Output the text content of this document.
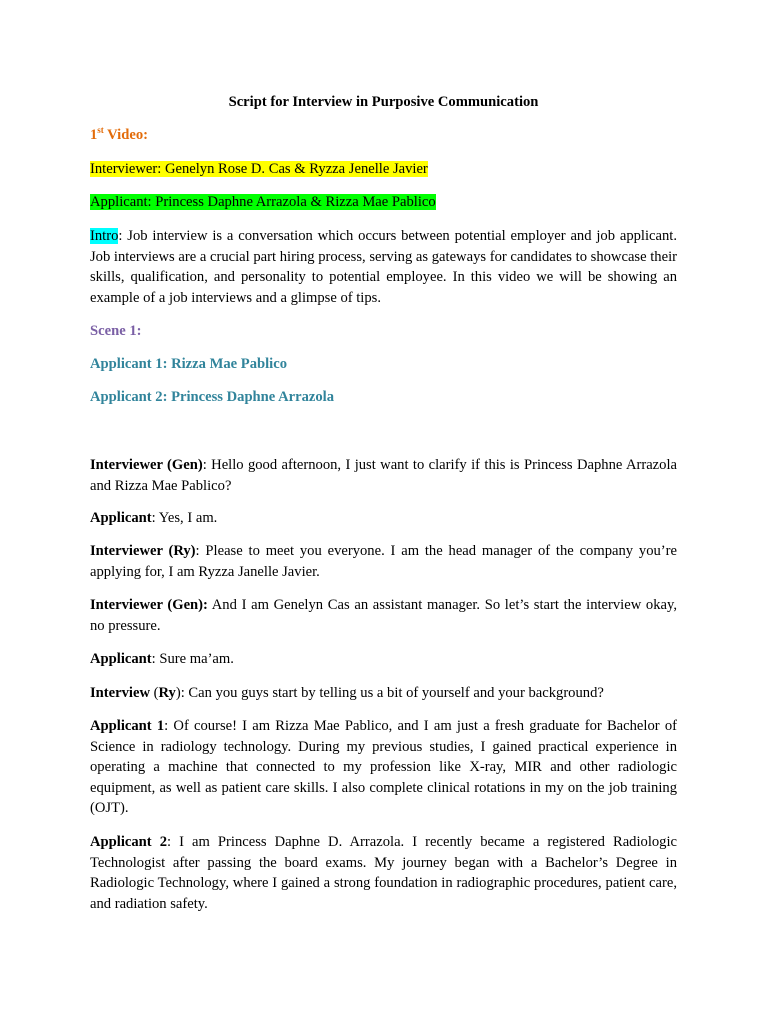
Script for Interview in Purposive Communication

1st Video:

Interviewer: Genelyn Rose D. Cas & Ryzza Jenelle Javier

Applicant: Princess Daphne Arrazola & Rizza Mae Pablico

Intro: Job interview is a conversation which occurs between potential employer and job applicant. Job interviews are a crucial part hiring process, serving as gateways for candidates to showcase their skills, qualification, and personality to potential employee. In this video we will be showing an example of a job interviews and a glimpse of tips.

Scene 1:

Applicant 1: Rizza Mae Pablico

Applicant 2: Princess Daphne Arrazola

Interviewer (Gen): Hello good afternoon, I just want to clarify if this is Princess Daphne Arrazola and Rizza Mae Pablico?

Applicant: Yes, I am.

Interviewer (Ry): Please to meet you everyone. I am the head manager of the company you’re applying for, I am Ryzza Janelle Javier.

Interviewer (Gen): And I am Genelyn Cas an assistant manager. So let’s start the interview okay, no pressure.

Applicant: Sure ma’am.

Interview (Ry): Can you guys start by telling us a bit of yourself and your background?

Applicant 1: Of course! I am Rizza Mae Pablico, and I am just a fresh graduate for Bachelor of Science in radiology technology. During my previous studies, I gained practical experience in operating a machine that connected to my profession like X-ray, MIR and other radiologic equipment, as well as patient care skills. I also complete clinical rotations in my on the job training (OJT).

Applicant 2: I am Princess Daphne D. Arrazola. I recently became a registered Radiologic Technologist after passing the board exams. My journey began with a Bachelor’s Degree in Radiologic Technology, where I gained a strong foundation in radiographic procedures, patient care, and radiation safety.
